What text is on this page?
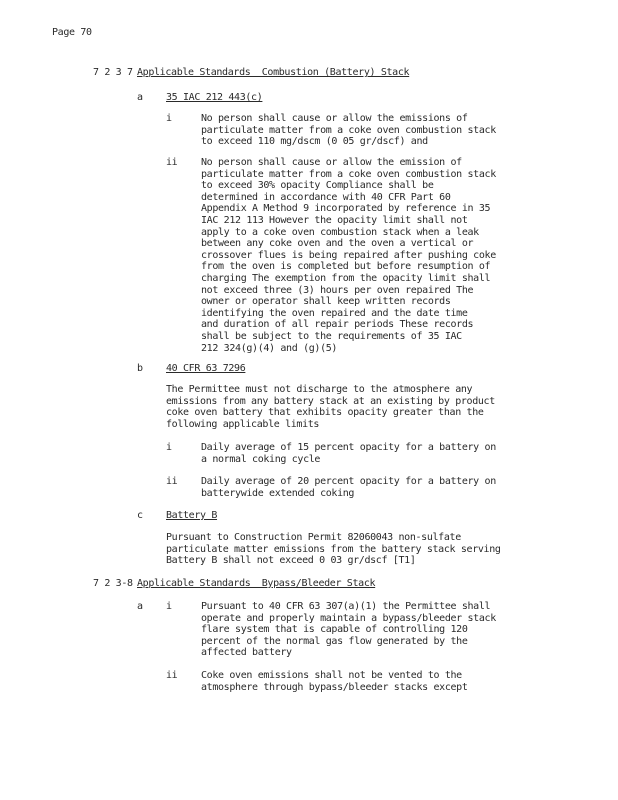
Page 70
7 2 3 7 Applicable Standards  Combustion (Battery) Stack
a 35 IAC 212 443(c)
i	No person shall cause or allow the emissions of
particulate matter from a coke oven combustion stack
to exceed 110 mg/dscm (0 05 gr/dscf) and
ii No person shall cause or allow the emission of
particulate matter from a coke oven combustion stack
to exceed 30% opacity Compliance shall be
determined in accordance with 40 CFR Part 60
Appendix A Method 9 incorporated by reference in 35
IAC 212 113 However the opacity limit shall not
apply to a coke oven combustion stack when a leak
between any coke oven and the oven a vertical or
crossover flues is being repaired after pushing coke
from the oven is completed but before resumption of
charging The exemption from the opacity limit shall
not exceed three (3) hours per oven repaired The
owner or operator shall keep written records
identifying the oven repaired and the date time
and duration of all repair periods These records
shall be subject to the requirements of 35 IAC
212 324(g)(4) and (g)(5)
b 40 CFR 63 7296
The Permittee must not discharge to the atmosphere any
emissions from any battery stack at an existing by product
coke oven battery that exhibits opacity greater than the
following applicable limits
i	Daily average of 15 percent opacity for a battery on
a normal coking cycle
ii Daily average of 20 percent opacity for a battery on
batterywide extended coking
c Battery B
Pursuant to Construction Permit 82060043 non-sulfate
particulate matter emissions from the battery stack serving
Battery B shall not exceed 0 03 gr/dscf [T1]
7 2 3-8 Applicable Standards  Bypass/Bleeder Stack
a i	Pursuant to 40 CFR 63 307(a)(1) the Permittee shall
operate and properly maintain a bypass/bleeder stack
flare system that is capable of controlling 120
percent of the normal gas flow generated by the
affected battery
ii Coke oven emissions shall not be vented to the
atmosphere through bypass/bleeder stacks except
